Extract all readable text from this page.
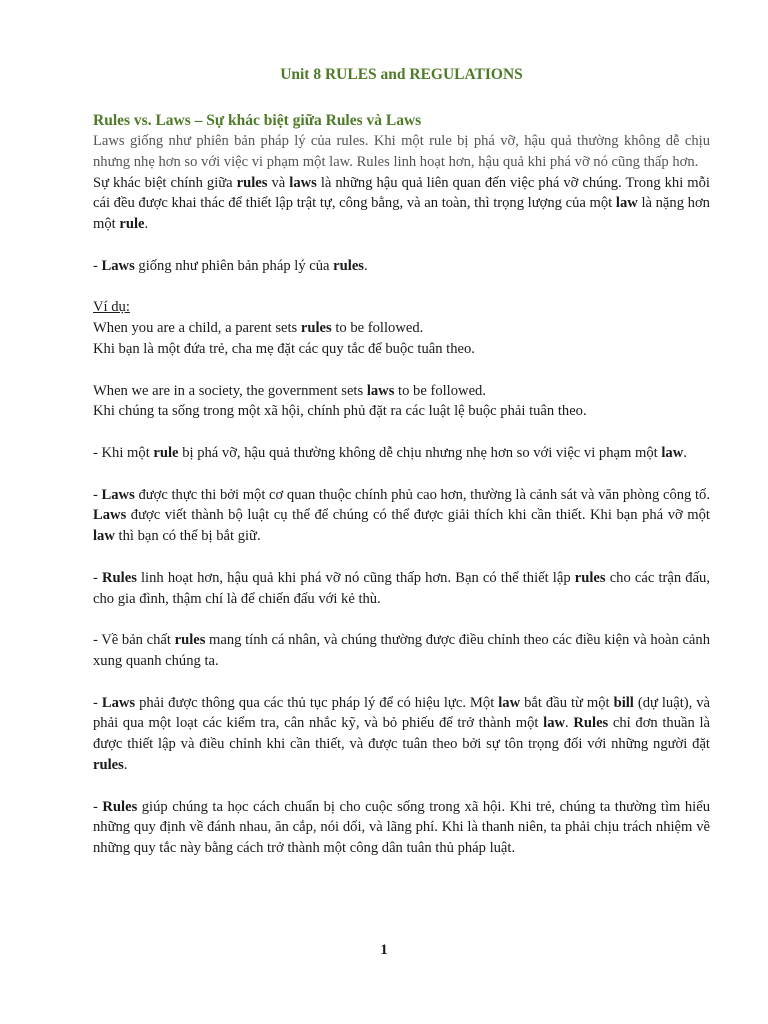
Unit 8 RULES and REGULATIONS
Rules vs. Laws – Sự khác biệt giữa Rules và Laws

Laws giống như phiên bản pháp lý của rules. Khi một rule bị phá vỡ, hậu quả thường không dễ chịu nhưng nhẹ hơn so với việc vi phạm một law. Rules linh hoạt hơn, hậu quả khi phá vỡ nó cũng thấp hơn.

Sự khác biệt chính giữa rules và laws là những hậu quả liên quan đến việc phá vỡ chúng. Trong khi mỗi cái đều được khai thác để thiết lập trật tự, công bằng, và an toàn, thì trọng lượng của một law là nặng hơn một rule.

- Laws giống như phiên bản pháp lý của rules.

Ví dụ:

When you are a child, a parent sets rules to be followed.

Khi bạn là một đứa trẻ, cha mẹ đặt các quy tắc để buộc tuân theo.

When we are in a society, the government sets laws to be followed.

Khi chúng ta sống trong một xã hội, chính phủ đặt ra các luật lệ buộc phải tuân theo.

- Khi một rule bị phá vỡ, hậu quả thường không dễ chịu nhưng nhẹ hơn so với việc vi phạm một law.

- Laws được thực thi bởi một cơ quan thuộc chính phủ cao hơn, thường là cảnh sát và văn phòng công tố. Laws được viết thành bộ luật cụ thể để chúng có thể được giải thích khi cần thiết. Khi bạn phá vỡ một law thì bạn có thể bị bắt giữ.

- Rules linh hoạt hơn, hậu quả khi phá vỡ nó cũng thấp hơn. Bạn có thể thiết lập rules cho các trận đấu, cho gia đình, thậm chí là để chiến đấu với kẻ thù.

- Về bản chất rules mang tính cá nhân, và chúng thường được điều chỉnh theo các điều kiện và hoàn cảnh xung quanh chúng ta.

- Laws phải được thông qua các thủ tục pháp lý để có hiệu lực. Một law bắt đầu từ một bill (dự luật), và phải qua một loạt các kiểm tra, cân nhắc kỹ, và bỏ phiếu để trở thành một law. Rules chỉ đơn thuần là được thiết lập và điều chỉnh khi cần thiết, và được tuân theo bởi sự tôn trọng đối với những người đặt rules.

- Rules giúp chúng ta học cách chuẩn bị cho cuộc sống trong xã hội. Khi trẻ, chúng ta thường tìm hiểu những quy định về đánh nhau, ăn cắp, nói dối, và lãng phí. Khi là thanh niên, ta phải chịu trách nhiệm về những quy tắc này bằng cách trở thành một công dân tuân thủ pháp luật.

1
